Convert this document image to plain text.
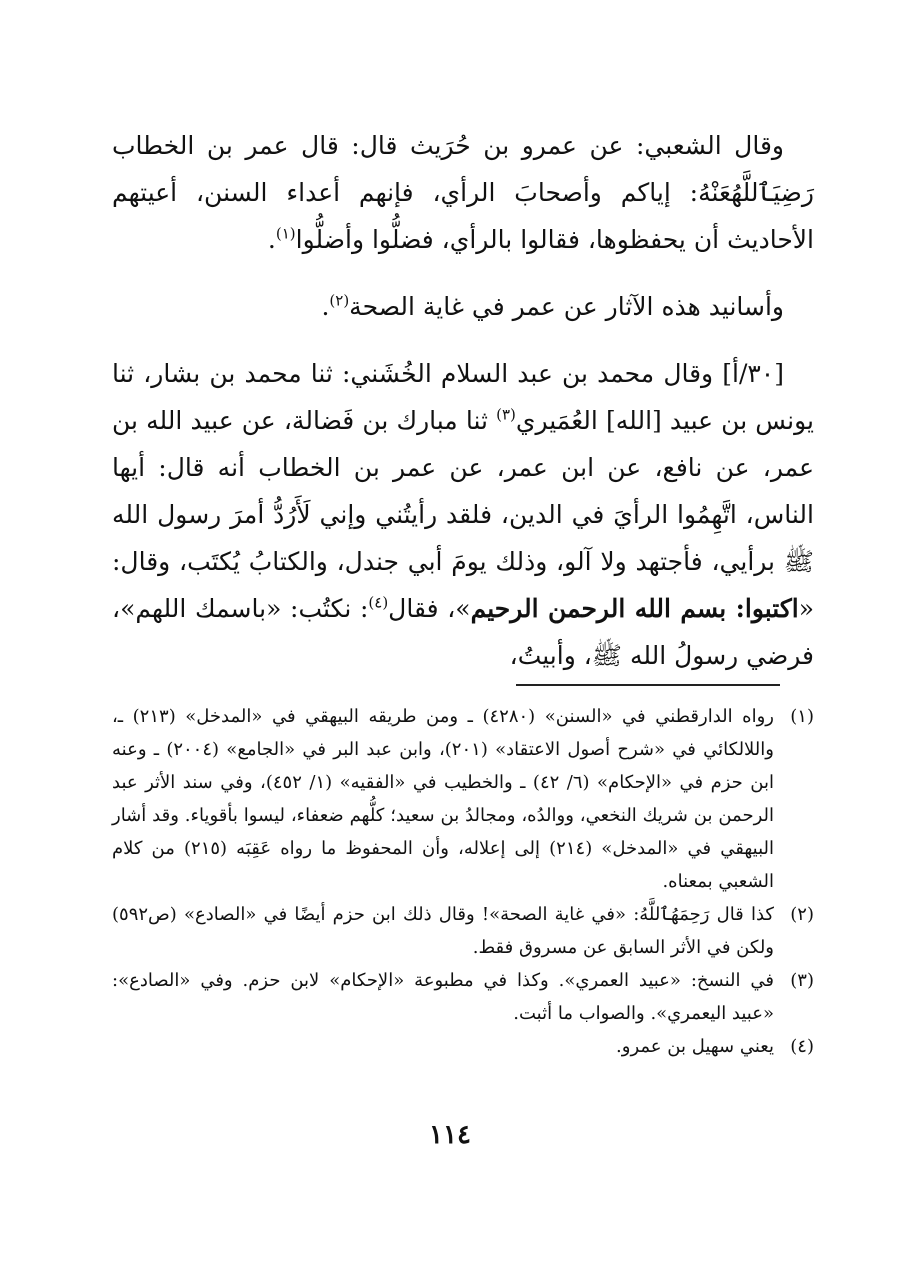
وقال الشعبي: عن عمرو بن حُرَيث قال: قال عمر بن الخطاب رَضِيَٱللَّهُعَنْهُ: إياكم وأصحابَ الرأي، فإنهم أعداء السنن، أعيتهم الأحاديث أن يحفظوها، فقالوا بالرأي، فضلُّوا وأضلُّوا$^{(١)}$.

وأسانيد هذه الآثار عن عمر في غاية الصحة$^{(٢)}$.

[٣٠/أ] وقال محمد بن عبد السلام الخُشَني: ثنا محمد بن بشار، ثنا يونس بن عبيد [الله] العُمَيري$^{(٣)}$ ثنا مبارك بن فَضالة، عن عبيد الله بن عمر، عن نافع، عن ابن عمر، عن عمر بن الخطاب أنه قال: أيها الناس، اتَّهِمُوا الرأيَ في الدين، فلقد رأيتُني وإني لَأَرُدُّ أمرَ رسول الله ﷺ برأيي، فأجتهد ولا آلو، وذلك يومَ أبي جندل، والكتابُ يُكتَب، وقال: «اكتبوا: بسم الله الرحمن الرحيم»، فقال$^{(٤)}$: نكتُب: «باسمك اللهم»، فرضي رسولُ الله ﷺ، وأبيتُ،

(١)
رواه الدارقطني في «السنن» (٤٢٨٠) ـ ومن طريقه البيهقي في «المدخل» (٢١٣) ـ، واللالكائي في «شرح أصول الاعتقاد» (٢٠١)، وابن عبد البر في «الجامع» (٢٠٠٤) ـ وعنه ابن حزم في «الإحكام» (٦/ ٤٢) ـ والخطيب في «الفقيه» (١/ ٤٥٢)، وفي سند الأثر عبد الرحمن بن شريك النخعي، ووالدُه، ومجالدُ بن سعيد؛ كلُّهم ضعفاء، ليسوا بأقوياء. وقد أشار البيهقي في «المدخل» (٢١٤) إلى إعلاله، وأن المحفوظ ما رواه عَقِبَه (٢١٥) من كلام الشعبي بمعناه.
(٢)
كذا قال رَحِمَهُٱللَّهُ: «في غاية الصحة»! وقال ذلك ابن حزم أيضًا في «الصادع» (ص٥٩٢) ولكن في الأثر السابق عن مسروق فقط.
(٣)
في النسخ: «عبيد العمري». وكذا في مطبوعة «الإحكام» لابن حزم. وفي «الصادع»: «عبيد اليعمري». والصواب ما أثبت.
(٤)
يعني سهيل بن عمرو.
١١٤
